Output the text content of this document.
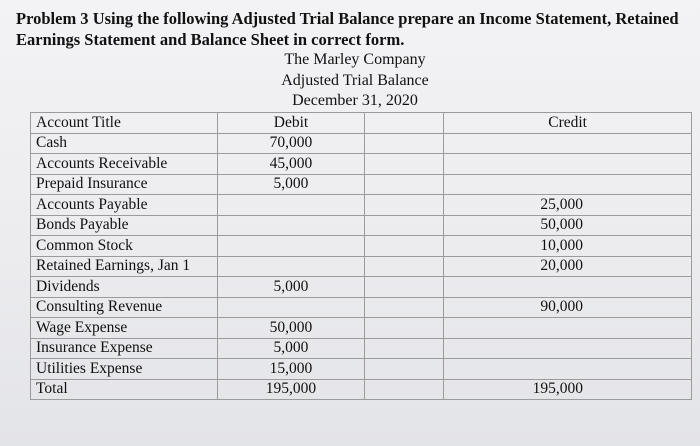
Problem 3 Using the following Adjusted Trial Balance prepare an Income Statement, Retained Earnings Statement and Balance Sheet in correct form.
The Marley Company
Adjusted Trial Balance
December 31, 2020
Account Title	Debit		Credit
Cash	70,000		
Accounts Receivable	45,000		
Prepaid Insurance	5,000		
Accounts Payable			25,000
Bonds Payable			50,000
Common Stock			10,000
Retained Earnings, Jan 1			20,000
Dividends	5,000		
Consulting Revenue			90,000
Wage Expense	50,000		
Insurance Expense	5,000		
Utilities Expense	15,000		
Total	195,000		195,000
